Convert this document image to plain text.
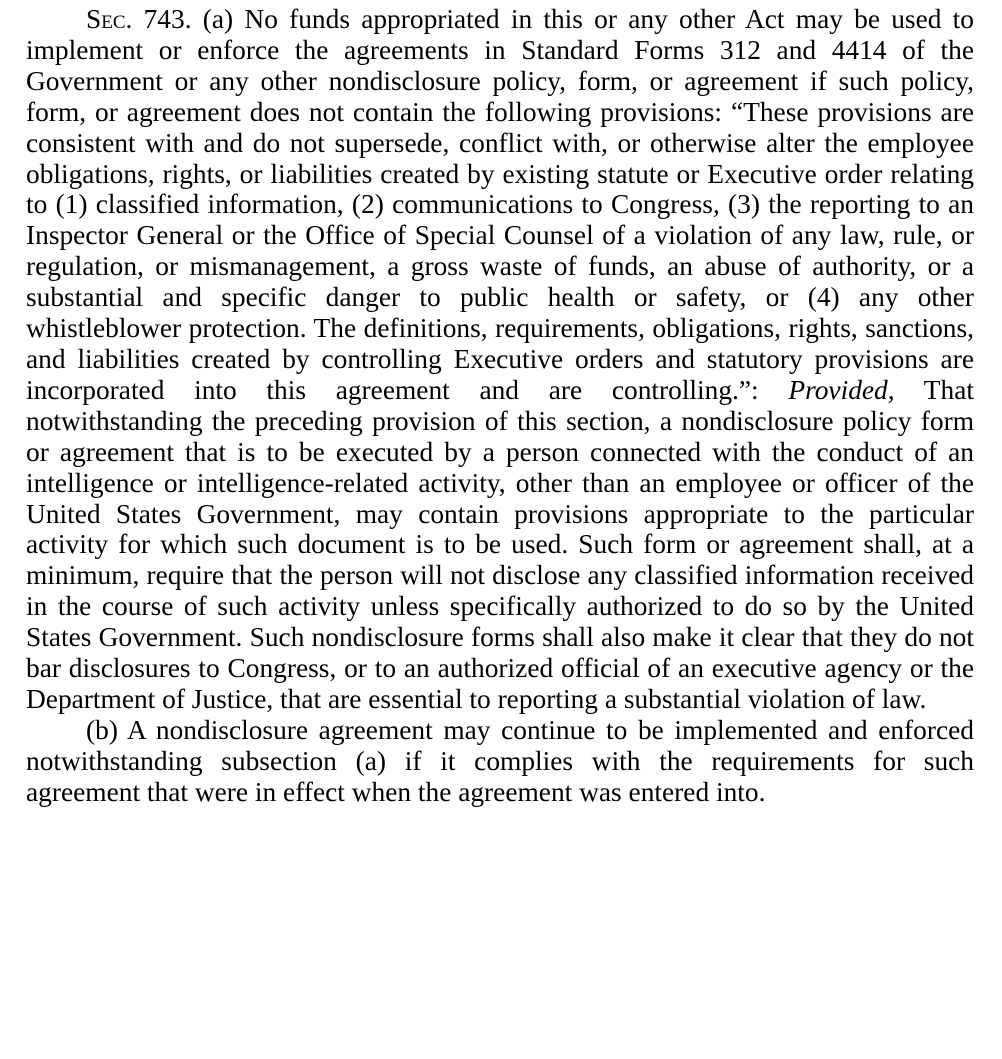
Sec. 743. (a) No funds appropriated in this or any other Act may be used to implement or enforce the agreements in Standard Forms 312 and 4414 of the Government or any other nondisclosure policy, form, or agreement if such policy, form, or agreement does not contain the following provisions: “These provisions are consistent with and do not supersede, conflict with, or otherwise alter the employee obligations, rights, or liabilities created by existing statute or Executive order relating to (1) classified information, (2) communications to Congress, (3) the reporting to an Inspector General or the Office of Special Counsel of a violation of any law, rule, or regulation, or mismanagement, a gross waste of funds, an abuse of authority, or a substantial and specific danger to public health or safety, or (4) any other whistleblower protection. The definitions, requirements, obligations, rights, sanctions, and liabilities created by controlling Executive orders and statutory provisions are incorporated into this agreement and are controlling.”: Provided, That notwithstanding the preceding provision of this section, a nondisclosure policy form or agreement that is to be executed by a person connected with the conduct of an intelligence or intelligence-related activity, other than an employee or officer of the United States Government, may contain provisions appropriate to the particular activity for which such document is to be used. Such form or agreement shall, at a minimum, require that the person will not disclose any classified information received in the course of such activity unless specifically authorized to do so by the United States Government. Such nondisclosure forms shall also make it clear that they do not bar disclosures to Congress, or to an authorized official of an executive agency or the Department of Justice, that are essential to reporting a substantial violation of law.

(b) A nondisclosure agreement may continue to be implemented and enforced notwithstanding subsection (a) if it complies with the requirements for such agreement that were in effect when the agreement was entered into.
